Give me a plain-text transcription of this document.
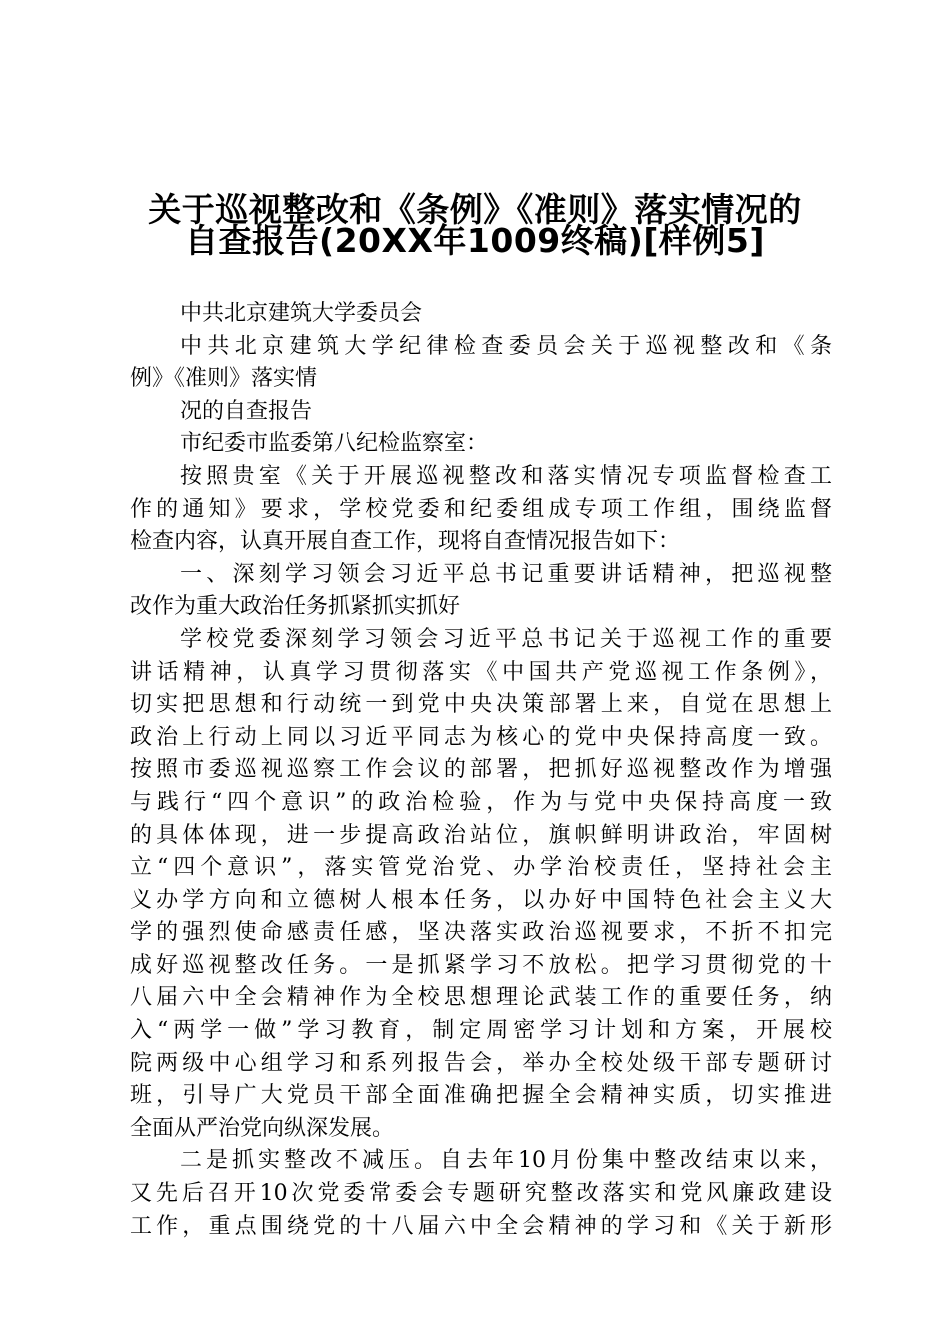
关于巡视整改和《条例》《准则》落实情况的
自查报告(20XX年1009终稿)[样例5]
中共北京建筑大学委员会
中共北京建筑大学纪律检查委员会关于巡视整改和《条
例》《准则》落实情
况的自查报告
市纪委市监委第八纪检监察室：
按照贵室《关于开展巡视整改和落实情况专项监督检查工
作的通知》要求，学校党委和纪委组成专项工作组，围绕监督
检查内容，认真开展自查工作，现将自查情况报告如下：
一、深刻学习领会习近平总书记重要讲话精神，把巡视整
改作为重大政治任务抓紧抓实抓好
学校党委深刻学习领会习近平总书记关于巡视工作的重要
讲话精神，认真学习贯彻落实《中国共产党巡视工作条例》，
切实把思想和行动统一到党中央决策部署上来，自觉在思想上
政治上行动上同以习近平同志为核心的党中央保持高度一致。
按照市委巡视巡察工作会议的部署，把抓好巡视整改作为增强
与践行“四个意识”的政治检验，作为与党中央保持高度一致
的具体体现，进一步提高政治站位，旗帜鲜明讲政治，牢固树
立“四个意识”，落实管党治党、办学治校责任，坚持社会主
义办学方向和立德树人根本任务，以办好中国特色社会主义大
学的强烈使命感责任感，坚决落实政治巡视要求，不折不扣完
成好巡视整改任务。一是抓紧学习不放松。把学习贯彻党的十
八届六中全会精神作为全校思想理论武装工作的重要任务，纳
入“两学一做”学习教育，制定周密学习计划和方案，开展校
院两级中心组学习和系列报告会，举办全校处级干部专题研讨
班，引导广大党员干部全面准确把握全会精神实质，切实推进
全面从严治党向纵深发展。
二是抓实整改不减压。自去年10月份集中整改结束以来，
又先后召开10次党委常委会专题研究整改落实和党风廉政建设
工作，重点围绕党的十八届六中全会精神的学习和《关于新形
